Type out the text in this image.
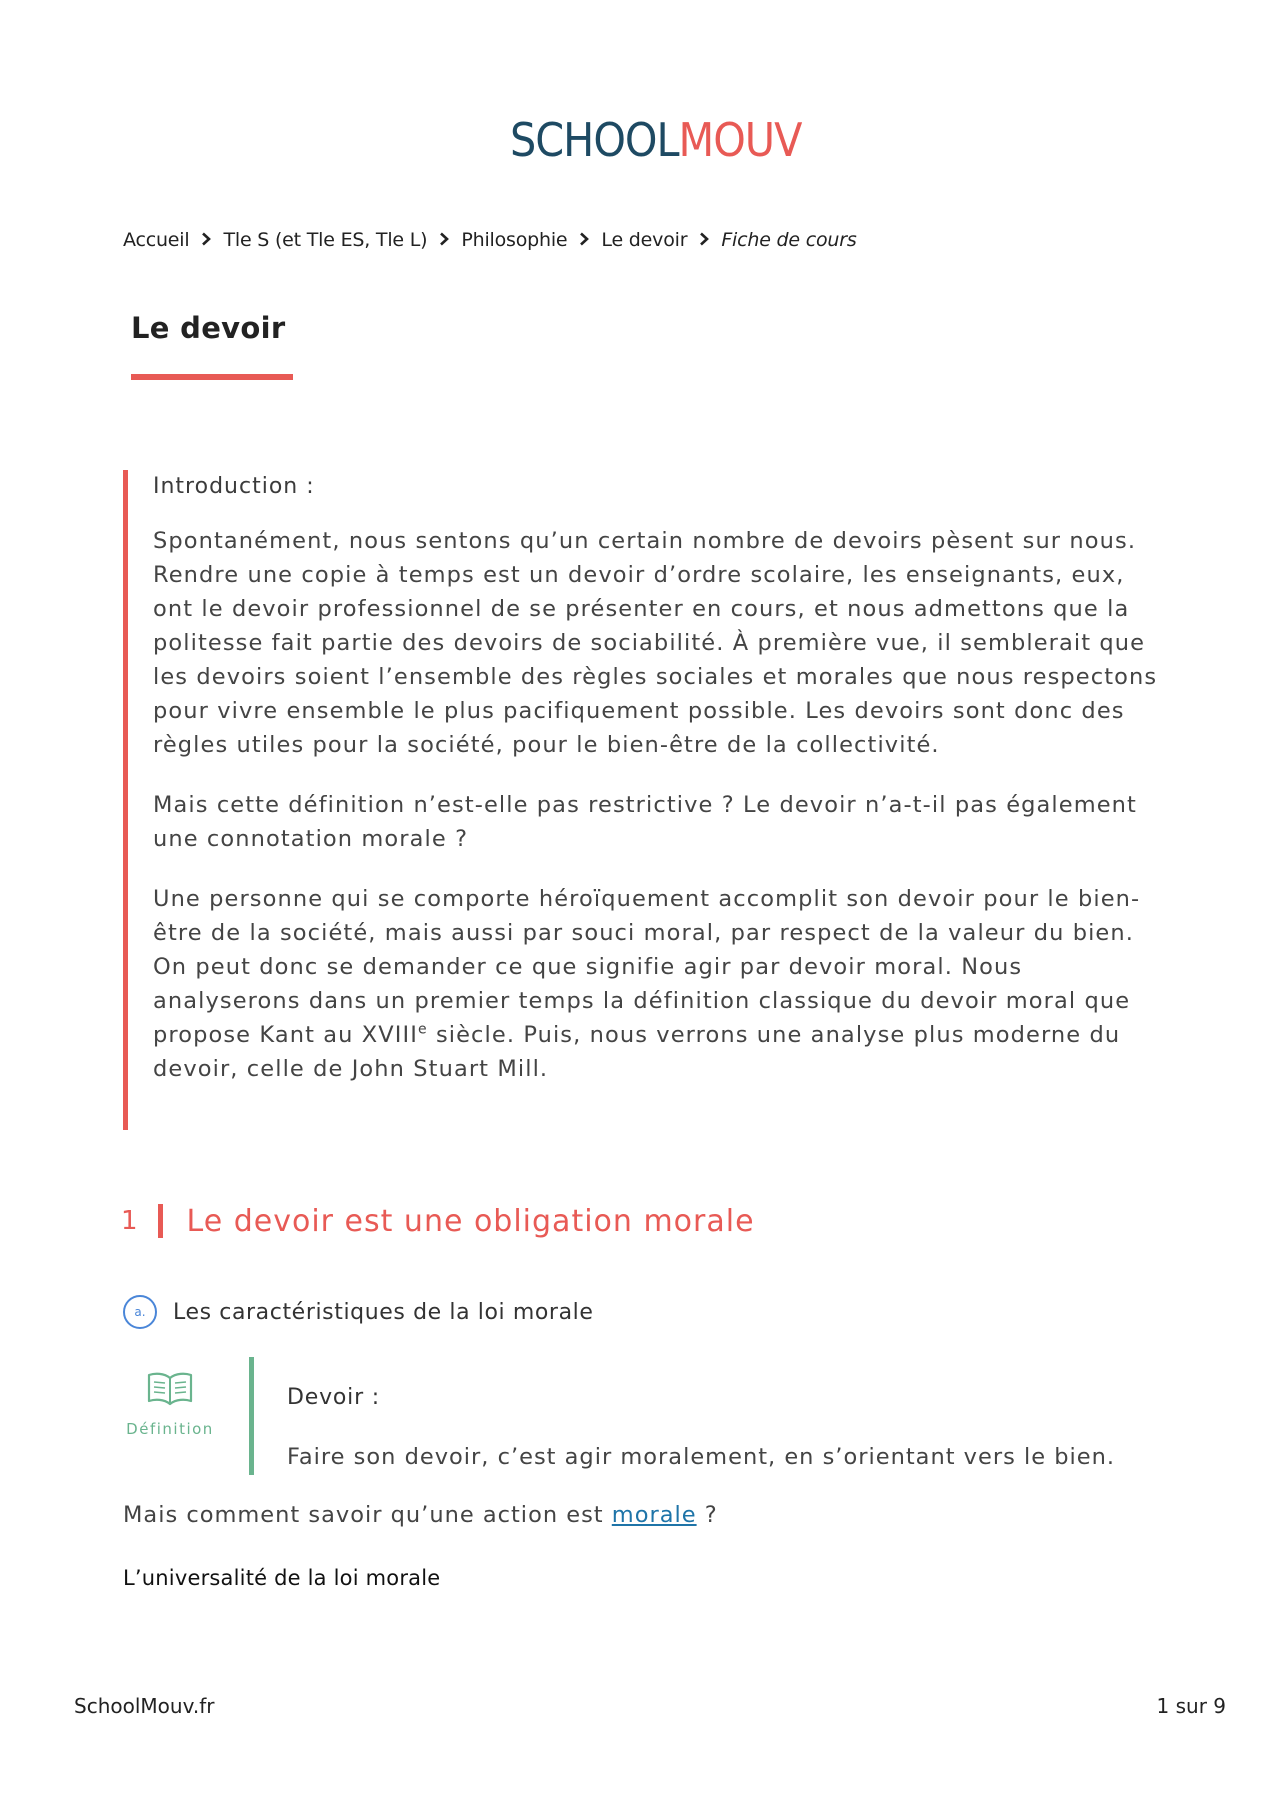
SCHOOLMOUV
Accueil Tle S (et Tle ES, Tle L) Philosophie Le devoir Fiche de cours
Le devoir
Introduction :

Spontanément, nous sentons qu’un certain nombre de devoirs pèsent sur nous. Rendre une copie à temps est un devoir d’ordre scolaire, les enseignants, eux, ont le devoir professionnel de se présenter en cours, et nous admettons que la politesse fait partie des devoirs de sociabilité. À première vue, il semblerait que les devoirs soient l’ensemble des règles sociales et morales que nous respectons pour vivre ensemble le plus pacifiquement possible. Les devoirs sont donc des règles utiles pour la société, pour le bien-être de la collectivité.

Mais cette définition n’est-elle pas restrictive ? Le devoir n’a-t-il pas également une connotation morale ?

Une personne qui se comporte héroïquement accomplit son devoir pour le bien-être de la société, mais aussi par souci moral, par respect de la valeur du bien. On peut donc se demander ce que signifie agir par devoir moral. Nous analyserons dans un premier temps la définition classique du devoir moral que propose Kant au XVIIIe siècle. Puis, nous verrons une analyse plus moderne du devoir, celle de John Stuart Mill.

1 Le devoir est une obligation morale
a.	Les caractéristiques de la loi morale
Définition
Devoir :
Faire son devoir, c’est agir moralement, en s’orientant vers le bien.
Mais comment savoir qu’une action est morale ?
L’universalité de la loi morale
SchoolMouv.fr	1 sur 9
